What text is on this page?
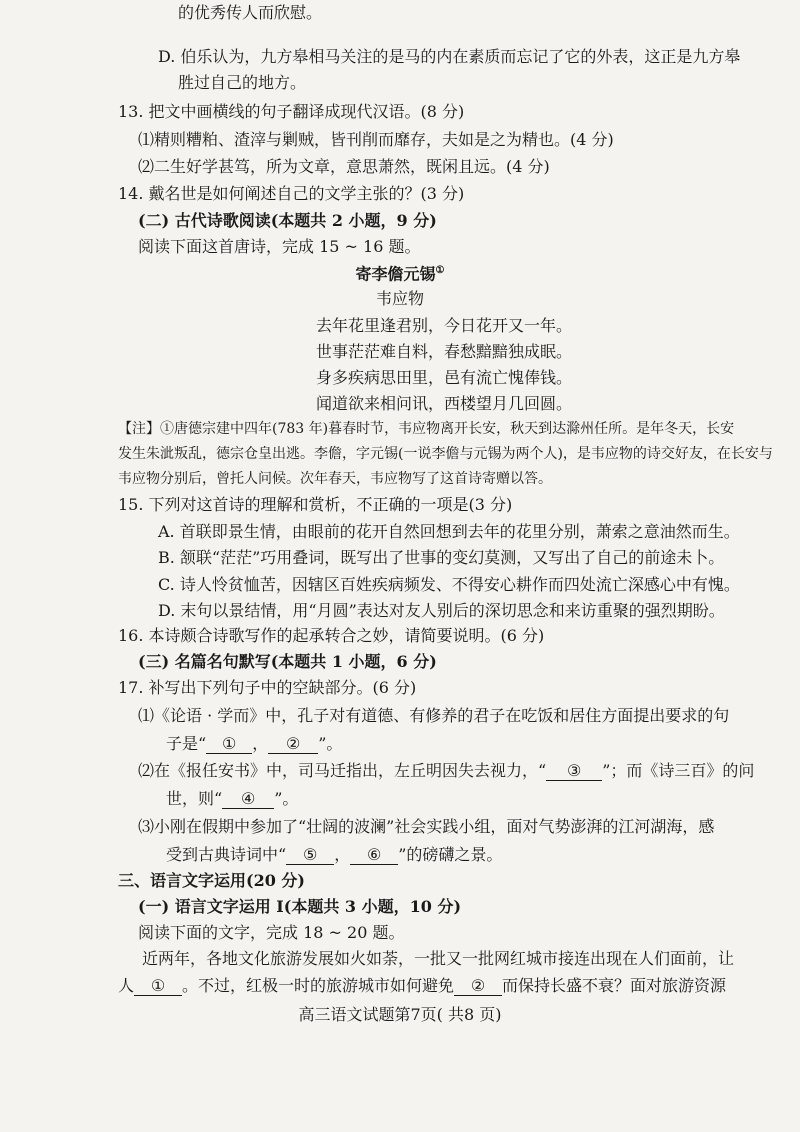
的优秀传人而欣慰。
D. 伯乐认为，九方皋相马关注的是马的内在素质而忘记了它的外表，这正是九方皋
胜过自己的地方。
13. 把文中画横线的句子翻译成现代汉语。(8 分)
⑴精则糟粕、渣滓与剿贼，皆刊削而靡存，夫如是之为精也。(4 分)
⑵二生好学甚笃，所为文章，意思萧然，既闲且远。(4 分)
14. 戴名世是如何阐述自己的文学主张的？(3 分)
(二) 古代诗歌阅读(本题共 2 小题，9 分)
阅读下面这首唐诗，完成 15 ~ 16 题。
寄李儋元锡①
韦应物
去年花里逢君别，今日花开又一年。
世事茫茫难自料，春愁黯黯独成眠。
身多疾病思田里，邑有流亡愧俸钱。
闻道欲来相问讯，西楼望月几回圆。
【注】①唐德宗建中四年(783 年)暮春时节，韦应物离开长安，秋天到达滁州任所。是年冬天，长安
发生朱泚叛乱，德宗仓皇出逃。李儋，字元锡(一说李儋与元锡为两个人)，是韦应物的诗交好友，在长安与
韦应物分别后，曾托人问候。次年春天，韦应物写了这首诗寄赠以答。
15. 下列对这首诗的理解和赏析，不正确的一项是(3 分)
A. 首联即景生情，由眼前的花开自然回想到去年的花里分别，萧索之意油然而生。
B. 颔联“茫茫”巧用叠词，既写出了世事的变幻莫测，又写出了自己的前途未卜。
C. 诗人怜贫恤苦，因辖区百姓疾病频发、不得安心耕作而四处流亡深感心中有愧。
D. 末句以景结情，用“月圆”表达对友人别后的深切思念和来访重聚的强烈期盼。
16. 本诗颇合诗歌写作的起承转合之妙，请简要说明。(6 分)
(三) 名篇名句默写(本题共 1 小题，6 分)
17. 补写出下列句子中的空缺部分。(6 分)
⑴《论语 · 学而》中，孔子对有道德、有修养的君子在吃饭和居住方面提出要求的句
子是“ ① ， ② ”。
⑵在《报任安书》中，司马迁指出，左丘明因失去视力，“ ③ ”；而《诗三百》的问
世，则“ ④ ”。
⑶小刚在假期中参加了“壮阔的波澜”社会实践小组，面对气势澎湃的江河湖海，感
受到古典诗词中“ ⑤ ， ⑥ ”的磅礴之景。
三、语言文字运用(20 分)
(一) 语言文字运用 Ⅰ(本题共 3 小题，10 分)
阅读下面的文字，完成 18 ~ 20 题。
近两年，各地文化旅游发展如火如荼，一批又一批网红城市接连出现在人们面前，让
人 ① 。不过，红极一时的旅游城市如何避免 ② 而保持长盛不衰？面对旅游资源
高三语文试题第7页( 共8 页)
